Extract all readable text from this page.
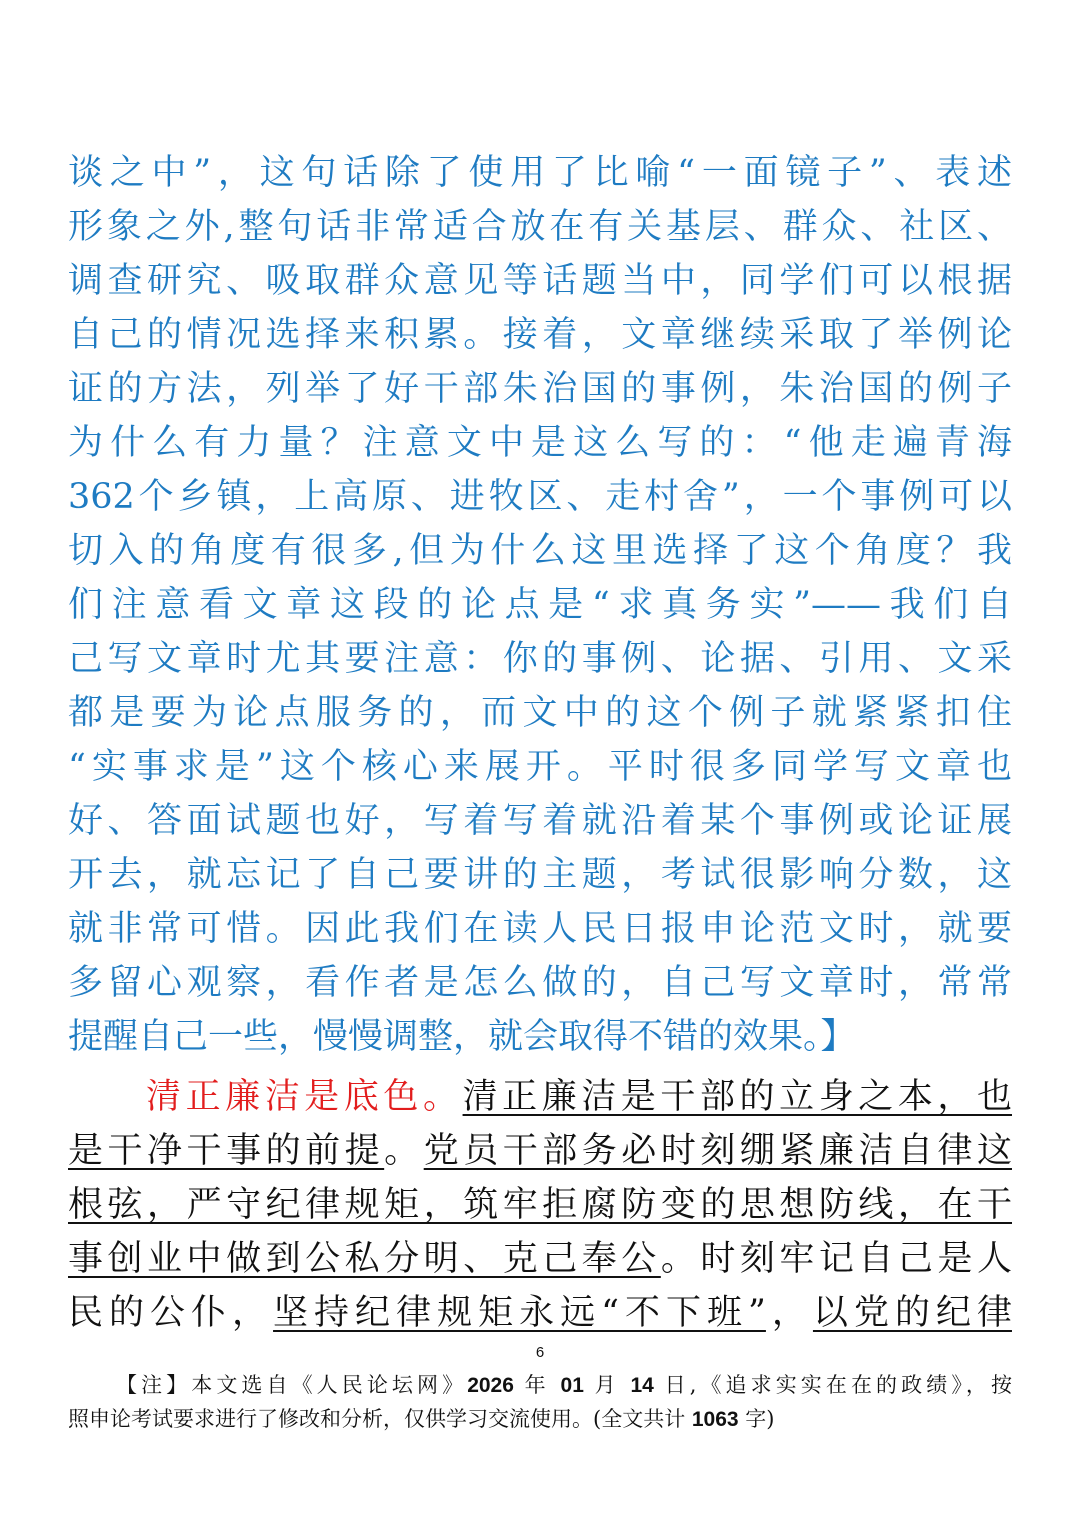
谈之中”，这句话除了使用了比喻“一面镜子”、表述
形象之外,整句话非常适合放在有关基层、群众、社区、
调查研究、吸取群众意见等话题当中，同学们可以根据
自己的情况选择来积累。接着，文章继续采取了举例论
证的方法，列举了好干部朱治国的事例，朱治国的例子
为什么有力量？注意文中是这么写的：“他走遍青海
362个乡镇，上高原、进牧区、走村舍”，一个事例可以
切入的角度有很多,但为什么这里选择了这个角度？我
们注意看文章这段的论点是“求真务实”——我们自
己写文章时尤其要注意：你的事例、论据、引用、文采
都是要为论点服务的，而文中的这个例子就紧紧扣住
“实事求是”这个核心来展开。平时很多同学写文章也
好、答面试题也好，写着写着就沿着某个事例或论证展
开去，就忘记了自己要讲的主题，考试很影响分数，这
就非常可惜。因此我们在读人民日报申论范文时，就要
多留心观察，看作者是怎么做的，自己写文章时，常常
提醒自己一些，慢慢调整，就会取得不错的效果。】
清正廉洁是底色。清正廉洁是干部的立身之本，也
是干净干事的前提。党员干部务必时刻绷紧廉洁自律这
根弦，严守纪律规矩，筑牢拒腐防变的思想防线，在干
事创业中做到公私分明、克己奉公。时刻牢记自己是人
民的公仆，坚持纪律规矩永远“不下班”，以党的纪律
6
【注】本文选自《人民论坛网》2026 年 01 月 14 日,《追求实实在在的政绩》，按
照申论考试要求进行了修改和分析，仅供学习交流使用。(全文共计 1063 字)
